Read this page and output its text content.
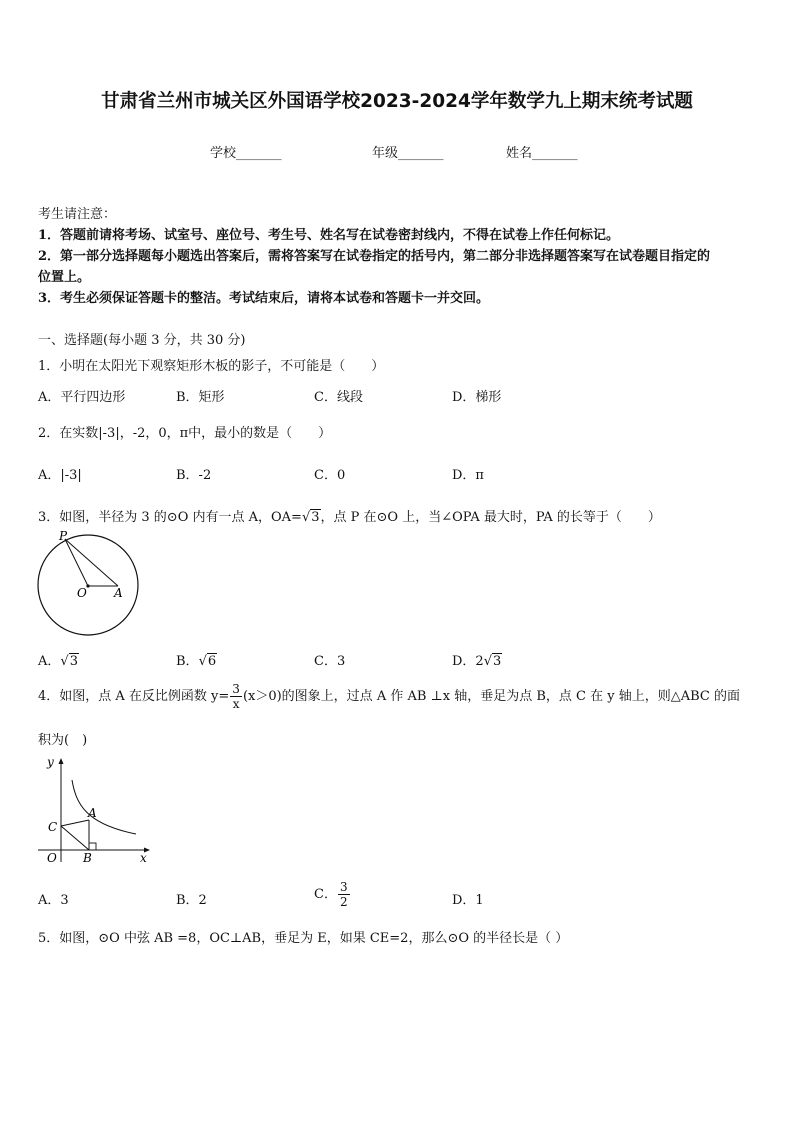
甘肃省兰州市城关区外国语学校2023-2024学年数学九上期末统考试题
学校_______	年级_______	姓名_______
考生请注意：
1．答题前请将考场、试室号、座位号、考生号、姓名写在试卷密封线内，不得在试卷上作任何标记。
2．第一部分选择题每小题选出答案后，需将答案写在试卷指定的括号内，第二部分非选择题答案写在试卷题目指定的
位置上。
3．考生必须保证答题卡的整洁。考试结束后，请将本试卷和答题卡一并交回。
一、选择题(每小题 3 分，共 30 分)
1．小明在太阳光下观察矩形木板的影子，不可能是（　　）
A．平行四边形	B．矩形	C．线段	D．梯形
2．在实数|-3|，-2，0，π中，最小的数是（　　）
A．|-3|	B．-2	C．0	D．π
3．如图，半径为 3 的⊙O 内有一点 A，OA=√3，点 P 在⊙O 上，当∠OPA 最大时，PA 的长等于（　　）
P
O A
A．√3	B．√6	C．3	D．2√3
4．如图，点 A 在反比例函数 $y= \frac{3}{x} (x>0)$的图象上，过点 A 作 AB ⊥x 轴，垂足为点 B，点 C 在 y 轴上，则△ABC 的面
积为(　)
y
x
O
A
B
C
A．3	B．2	C． $\frac{3}{2}$	D．1
5．如图，⊙O 中弦 AB =8，OC⊥AB，垂足为 E，如果 CE=2，那么⊙O 的半径长是（ ）
